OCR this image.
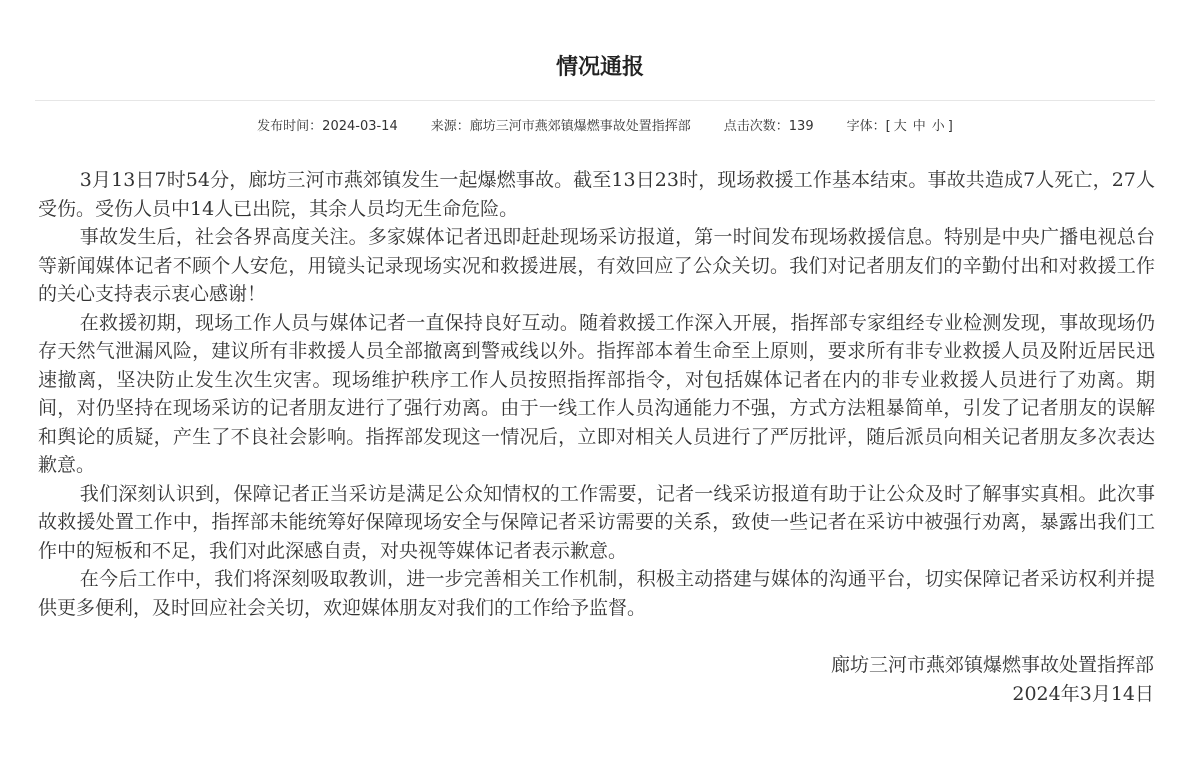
情况通报
发布时间：2024-03-14	来源：廊坊三河市燕郊镇爆燃事故处置指挥部	点击次数：139	字体：[ 大 中 小 ]

3月13日7时54分，廊坊三河市燕郊镇发生一起爆燃事故。截至13日23时，现场救援工作基本结束。事故共造成7人死亡，27人受伤。受伤人员中14人已出院，其余人员均无生命危险。

事故发生后，社会各界高度关注。多家媒体记者迅即赶赴现场采访报道，第一时间发布现场救援信息。特别是中央广播电视总台等新闻媒体记者不顾个人安危，用镜头记录现场实况和救援进展，有效回应了公众关切。我们对记者朋友们的辛勤付出和对救援工作的关心支持表示衷心感谢！

在救援初期，现场工作人员与媒体记者一直保持良好互动。随着救援工作深入开展，指挥部专家组经专业检测发现，事故现场仍存天然气泄漏风险，建议所有非救援人员全部撤离到警戒线以外。指挥部本着生命至上原则，要求所有非专业救援人员及附近居民迅速撤离，坚决防止发生次生灾害。现场维护秩序工作人员按照指挥部指令，对包括媒体记者在内的非专业救援人员进行了劝离。期间，对仍坚持在现场采访的记者朋友进行了强行劝离。由于一线工作人员沟通能力不强，方式方法粗暴简单，引发了记者朋友的误解和舆论的质疑，产生了不良社会影响。指挥部发现这一情况后，立即对相关人员进行了严厉批评，随后派员向相关记者朋友多次表达歉意。

我们深刻认识到，保障记者正当采访是满足公众知情权的工作需要，记者一线采访报道有助于让公众及时了解事实真相。此次事故救援处置工作中，指挥部未能统筹好保障现场安全与保障记者采访需要的关系，致使一些记者在采访中被强行劝离，暴露出我们工作中的短板和不足，我们对此深感自责，对央视等媒体记者表示歉意。

在今后工作中，我们将深刻吸取教训，进一步完善相关工作机制，积极主动搭建与媒体的沟通平台，切实保障记者采访权利并提供更多便利，及时回应社会关切，欢迎媒体朋友对我们的工作给予监督。

廊坊三河市燕郊镇爆燃事故处置指挥部
2024年3月14日
